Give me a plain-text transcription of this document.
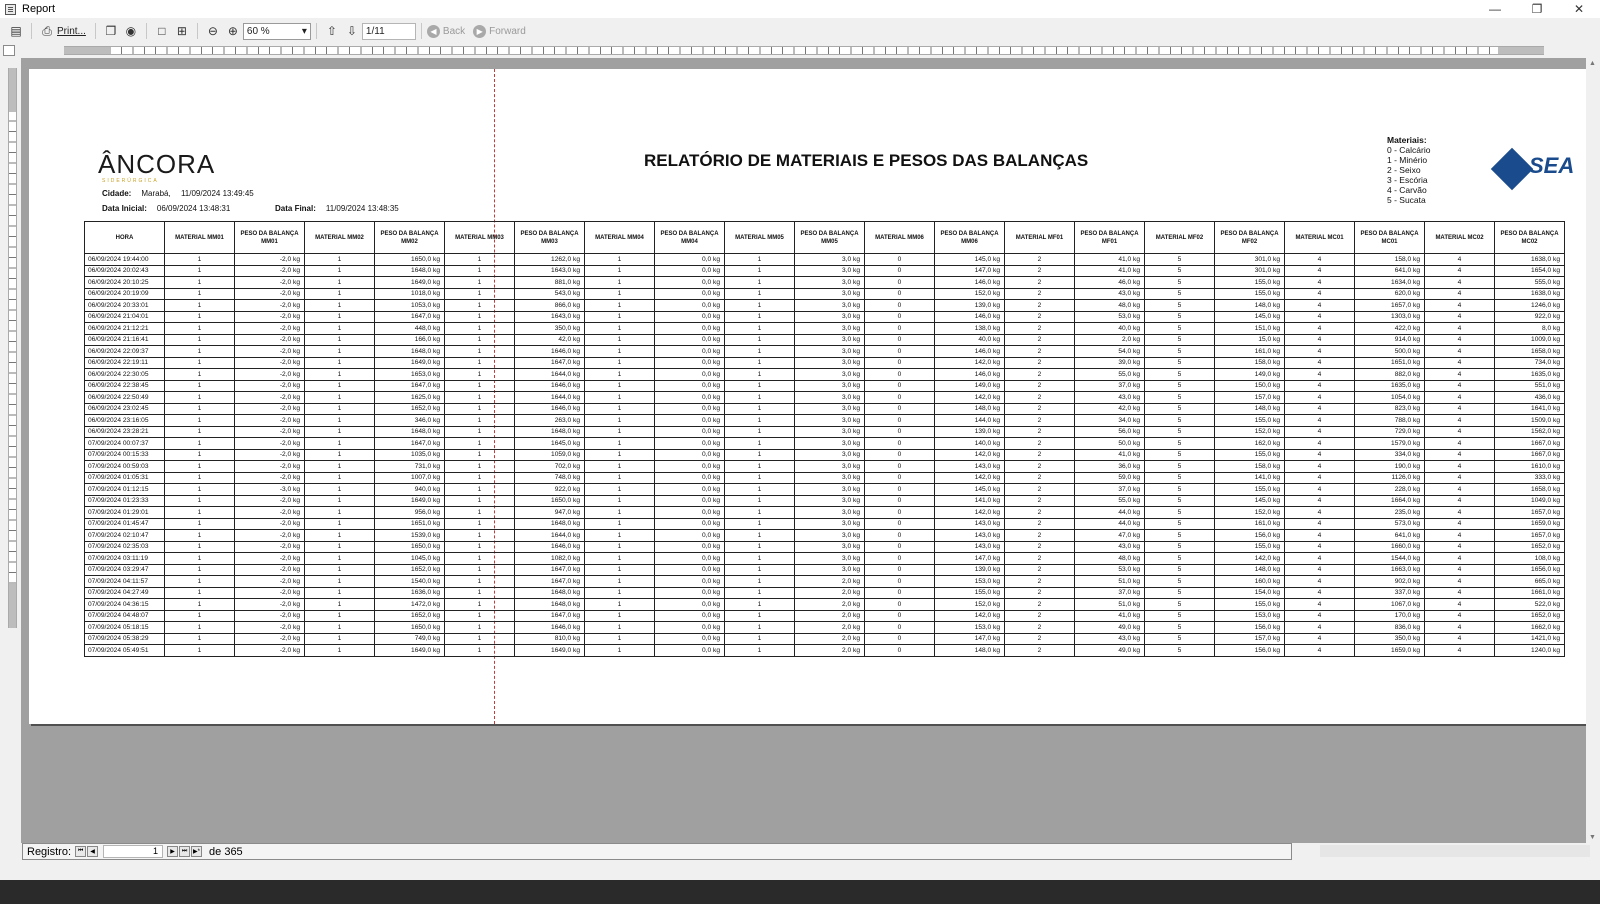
Report	—	❐	✕
▤ ⎙ Print... ❐ ◉	□ ⊞ ⊖ ⊕ 60 %	▾ ⇧ ⇩ 1/11	◀ Back	▶ Forward
ÂNCORA
SIDERÚRGICA
Cidade: Marabá, 11/09/2024 13:49:45
Data Inicial: 06/09/2024 13:48:31	Data Final: 11/09/2024 13:48:35
RELATÓRIO DE MATERIAIS E PESOS DAS BALANÇAS
Materiais:
0 - Calcário
1 - Minério
2 - Seixo
3 - Escória
4 - Carvão
5 - Sucata
SEA
HORA	MATERIAL MM01	PESO DA BALANÇA MM01	MATERIAL MM02	PESO DA BALANÇA MM02	MATERIAL MM03	PESO DA BALANÇA MM03	MATERIAL MM04	PESO DA BALANÇA MM04	MATERIAL MM05	PESO DA BALANÇA MM05	MATERIAL MM06	PESO DA BALANÇA MM06	MATERIAL MF01	PESO DA BALANÇA MF01	MATERIAL MF02	PESO DA BALANÇA MF02	MATERIAL MC01	PESO DA BALANÇA MC01	MATERIAL MC02	PESO DA BALANÇA MC02
06/09/2024 19:44:00	1	-2,0 kg	1	1650,0 kg	1	1262,0 kg	1	0,0 kg	1	3,0 kg	0	145,0 kg	2	41,0 kg	5	301,0 kg	4	158,0 kg	4	1638,0 kg
06/09/2024 20:02:43	1	-2,0 kg	1	1648,0 kg	1	1643,0 kg	1	0,0 kg	1	3,0 kg	0	147,0 kg	2	41,0 kg	5	301,0 kg	4	641,0 kg	4	1654,0 kg
06/09/2024 20:10:25	1	-2,0 kg	1	1649,0 kg	1	881,0 kg	1	0,0 kg	1	3,0 kg	0	146,0 kg	2	46,0 kg	5	155,0 kg	4	1634,0 kg	4	555,0 kg
06/09/2024 20:19:09	1	-2,0 kg	1	1018,0 kg	1	543,0 kg	1	0,0 kg	1	3,0 kg	0	152,0 kg	2	43,0 kg	5	155,0 kg	4	620,0 kg	4	1638,0 kg
06/09/2024 20:33:01	1	-2,0 kg	1	1053,0 kg	1	866,0 kg	1	0,0 kg	1	3,0 kg	0	139,0 kg	2	48,0 kg	5	148,0 kg	4	1657,0 kg	4	1246,0 kg
06/09/2024 21:04:01	1	-2,0 kg	1	1647,0 kg	1	1643,0 kg	1	0,0 kg	1	3,0 kg	0	146,0 kg	2	53,0 kg	5	145,0 kg	4	1303,0 kg	4	922,0 kg
06/09/2024 21:12:21	1	-2,0 kg	1	448,0 kg	1	350,0 kg	1	0,0 kg	1	3,0 kg	0	138,0 kg	2	40,0 kg	5	151,0 kg	4	422,0 kg	4	8,0 kg
06/09/2024 21:16:41	1	-2,0 kg	1	166,0 kg	1	42,0 kg	1	0,0 kg	1	3,0 kg	0	40,0 kg	2	2,0 kg	5	15,0 kg	4	914,0 kg	4	1009,0 kg
06/09/2024 22:09:37	1	-2,0 kg	1	1648,0 kg	1	1646,0 kg	1	0,0 kg	1	3,0 kg	0	146,0 kg	2	54,0 kg	5	161,0 kg	4	500,0 kg	4	1658,0 kg
06/09/2024 22:19:11	1	-2,0 kg	1	1649,0 kg	1	1647,0 kg	1	0,0 kg	1	3,0 kg	0	142,0 kg	2	39,0 kg	5	158,0 kg	4	1651,0 kg	4	734,0 kg
06/09/2024 22:30:05	1	-2,0 kg	1	1653,0 kg	1	1644,0 kg	1	0,0 kg	1	3,0 kg	0	146,0 kg	2	55,0 kg	5	149,0 kg	4	882,0 kg	4	1635,0 kg
06/09/2024 22:38:45	1	-2,0 kg	1	1647,0 kg	1	1646,0 kg	1	0,0 kg	1	3,0 kg	0	149,0 kg	2	37,0 kg	5	150,0 kg	4	1635,0 kg	4	551,0 kg
06/09/2024 22:50:49	1	-2,0 kg	1	1625,0 kg	1	1644,0 kg	1	0,0 kg	1	3,0 kg	0	142,0 kg	2	43,0 kg	5	157,0 kg	4	1054,0 kg	4	436,0 kg
06/09/2024 23:02:45	1	-2,0 kg	1	1652,0 kg	1	1646,0 kg	1	0,0 kg	1	3,0 kg	0	148,0 kg	2	42,0 kg	5	148,0 kg	4	823,0 kg	4	1641,0 kg
06/09/2024 23:16:05	1	-2,0 kg	1	346,0 kg	1	263,0 kg	1	0,0 kg	1	3,0 kg	0	144,0 kg	2	34,0 kg	5	155,0 kg	4	788,0 kg	4	1509,0 kg
06/09/2024 23:28:21	1	-2,0 kg	1	1648,0 kg	1	1648,0 kg	1	0,0 kg	1	3,0 kg	0	139,0 kg	2	56,0 kg	5	152,0 kg	4	729,0 kg	4	1562,0 kg
07/09/2024 00:07:37	1	-2,0 kg	1	1647,0 kg	1	1645,0 kg	1	0,0 kg	1	3,0 kg	0	140,0 kg	2	50,0 kg	5	162,0 kg	4	1579,0 kg	4	1667,0 kg
07/09/2024 00:15:33	1	-2,0 kg	1	1035,0 kg	1	1059,0 kg	1	0,0 kg	1	3,0 kg	0	142,0 kg	2	41,0 kg	5	155,0 kg	4	334,0 kg	4	1667,0 kg
07/09/2024 00:59:03	1	-2,0 kg	1	731,0 kg	1	702,0 kg	1	0,0 kg	1	3,0 kg	0	143,0 kg	2	36,0 kg	5	158,0 kg	4	190,0 kg	4	1610,0 kg
07/09/2024 01:05:31	1	-2,0 kg	1	1007,0 kg	1	748,0 kg	1	0,0 kg	1	3,0 kg	0	142,0 kg	2	59,0 kg	5	141,0 kg	4	1126,0 kg	4	333,0 kg
07/09/2024 01:12:15	1	-3,0 kg	1	940,0 kg	1	922,0 kg	1	0,0 kg	1	3,0 kg	0	145,0 kg	2	37,0 kg	5	155,0 kg	4	228,0 kg	4	1658,0 kg
07/09/2024 01:23:33	1	-2,0 kg	1	1649,0 kg	1	1650,0 kg	1	0,0 kg	1	3,0 kg	0	141,0 kg	2	55,0 kg	5	145,0 kg	4	1664,0 kg	4	1049,0 kg
07/09/2024 01:29:01	1	-2,0 kg	1	956,0 kg	1	947,0 kg	1	0,0 kg	1	3,0 kg	0	142,0 kg	2	44,0 kg	5	152,0 kg	4	235,0 kg	4	1657,0 kg
07/09/2024 01:45:47	1	-2,0 kg	1	1651,0 kg	1	1648,0 kg	1	0,0 kg	1	3,0 kg	0	143,0 kg	2	44,0 kg	5	161,0 kg	4	573,0 kg	4	1659,0 kg
07/09/2024 02:10:47	1	-2,0 kg	1	1539,0 kg	1	1644,0 kg	1	0,0 kg	1	3,0 kg	0	143,0 kg	2	47,0 kg	5	156,0 kg	4	641,0 kg	4	1657,0 kg
07/09/2024 02:35:03	1	-2,0 kg	1	1650,0 kg	1	1646,0 kg	1	0,0 kg	1	3,0 kg	0	143,0 kg	2	43,0 kg	5	155,0 kg	4	1660,0 kg	4	1652,0 kg
07/09/2024 03:11:19	1	-2,0 kg	1	1045,0 kg	1	1082,0 kg	1	0,0 kg	1	3,0 kg	0	147,0 kg	2	48,0 kg	5	142,0 kg	4	1544,0 kg	4	108,0 kg
07/09/2024 03:29:47	1	-2,0 kg	1	1652,0 kg	1	1647,0 kg	1	0,0 kg	1	3,0 kg	0	139,0 kg	2	53,0 kg	5	148,0 kg	4	1663,0 kg	4	1656,0 kg
07/09/2024 04:11:57	1	-2,0 kg	1	1540,0 kg	1	1647,0 kg	1	0,0 kg	1	2,0 kg	0	153,0 kg	2	51,0 kg	5	160,0 kg	4	902,0 kg	4	665,0 kg
07/09/2024 04:27:49	1	-2,0 kg	1	1636,0 kg	1	1648,0 kg	1	0,0 kg	1	2,0 kg	0	155,0 kg	2	37,0 kg	5	154,0 kg	4	337,0 kg	4	1661,0 kg
07/09/2024 04:36:15	1	-2,0 kg	1	1472,0 kg	1	1648,0 kg	1	0,0 kg	1	2,0 kg	0	152,0 kg	2	51,0 kg	5	155,0 kg	4	1067,0 kg	4	522,0 kg
07/09/2024 04:48:07	1	-2,0 kg	1	1652,0 kg	1	1647,0 kg	1	0,0 kg	1	2,0 kg	0	142,0 kg	2	41,0 kg	5	153,0 kg	4	170,0 kg	4	1652,0 kg
07/09/2024 05:18:15	1	-2,0 kg	1	1650,0 kg	1	1646,0 kg	1	0,0 kg	1	2,0 kg	0	153,0 kg	2	49,0 kg	5	156,0 kg	4	836,0 kg	4	1662,0 kg
07/09/2024 05:38:29	1	-2,0 kg	1	749,0 kg	1	810,0 kg	1	0,0 kg	1	2,0 kg	0	147,0 kg	2	43,0 kg	5	157,0 kg	4	350,0 kg	4	1421,0 kg
07/09/2024 05:49:51	1	-2,0 kg	1	1649,0 kg	1	1649,0 kg	1	0,0 kg	1	2,0 kg	0	148,0 kg	2	49,0 kg	5	156,0 kg	4	1659,0 kg	4	1240,0 kg
▲
▼
Registro:	⏮	◀	1	▶	⏭ ▶* de 365
